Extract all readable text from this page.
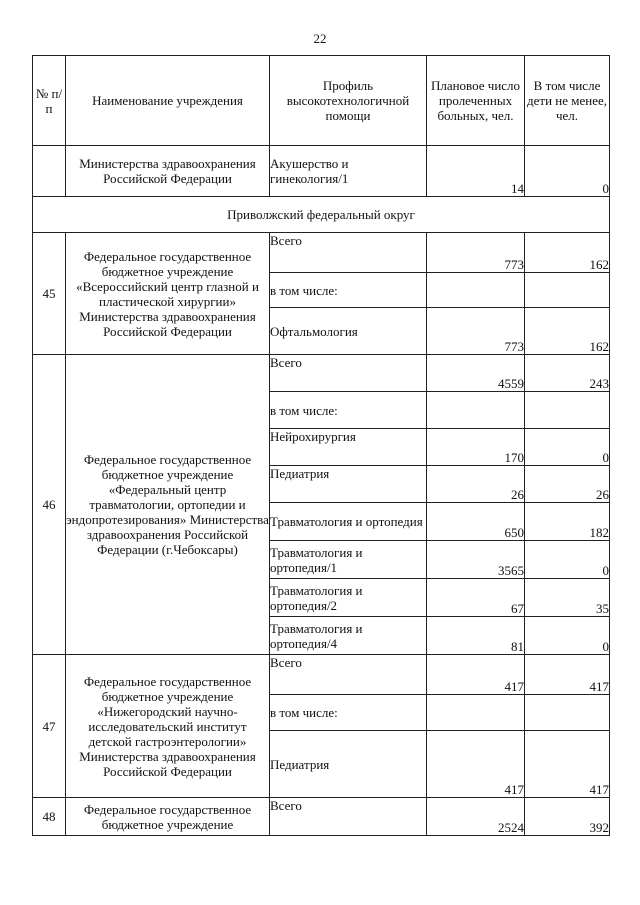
22
№ п/п	Наименование учреждения	Профиль высокотехнологичной помощи	Плановое число пролеченных больных, чел.	В том числе дети не менее, чел.
	Министерства здравоохранения Российской Федерации	Акушерство и гинекология/1	14	0
Приволжский федеральный округ				
45	Федеральное государственное бюджетное учреждение «Всероссийский центр глазной и пластической хирургии» Министерства здравоохранения Российской Федерации	Всего	773	162
		в том числе:		
		Офтальмология	773	162
46	Федеральное государственное бюджетное учреждение «Федеральный центр травматологии, ортопедии и эндопротезирования» Министерства здравоохранения Российской Федерации (г.Чебоксары)	Всего	4559	243
		в том числе:		
		Нейрохирургия	170	0
		Педиатрия	26	26
		Травматология и ортопедия	650	182
		Травматология и ортопедия/1	3565	0
		Травматология и ортопедия/2	67	35
		Травматология и ортопедия/4	81	0
47	Федеральное государственное бюджетное учреждение «Нижегородский научно-исследовательский институт детской гастроэнтерологии» Министерства здравоохранения Российской Федерации	Всего	417	417
		в том числе:		
		Педиатрия	417	417
48	Федеральное государственное бюджетное учреждение	Всего	2524	392
